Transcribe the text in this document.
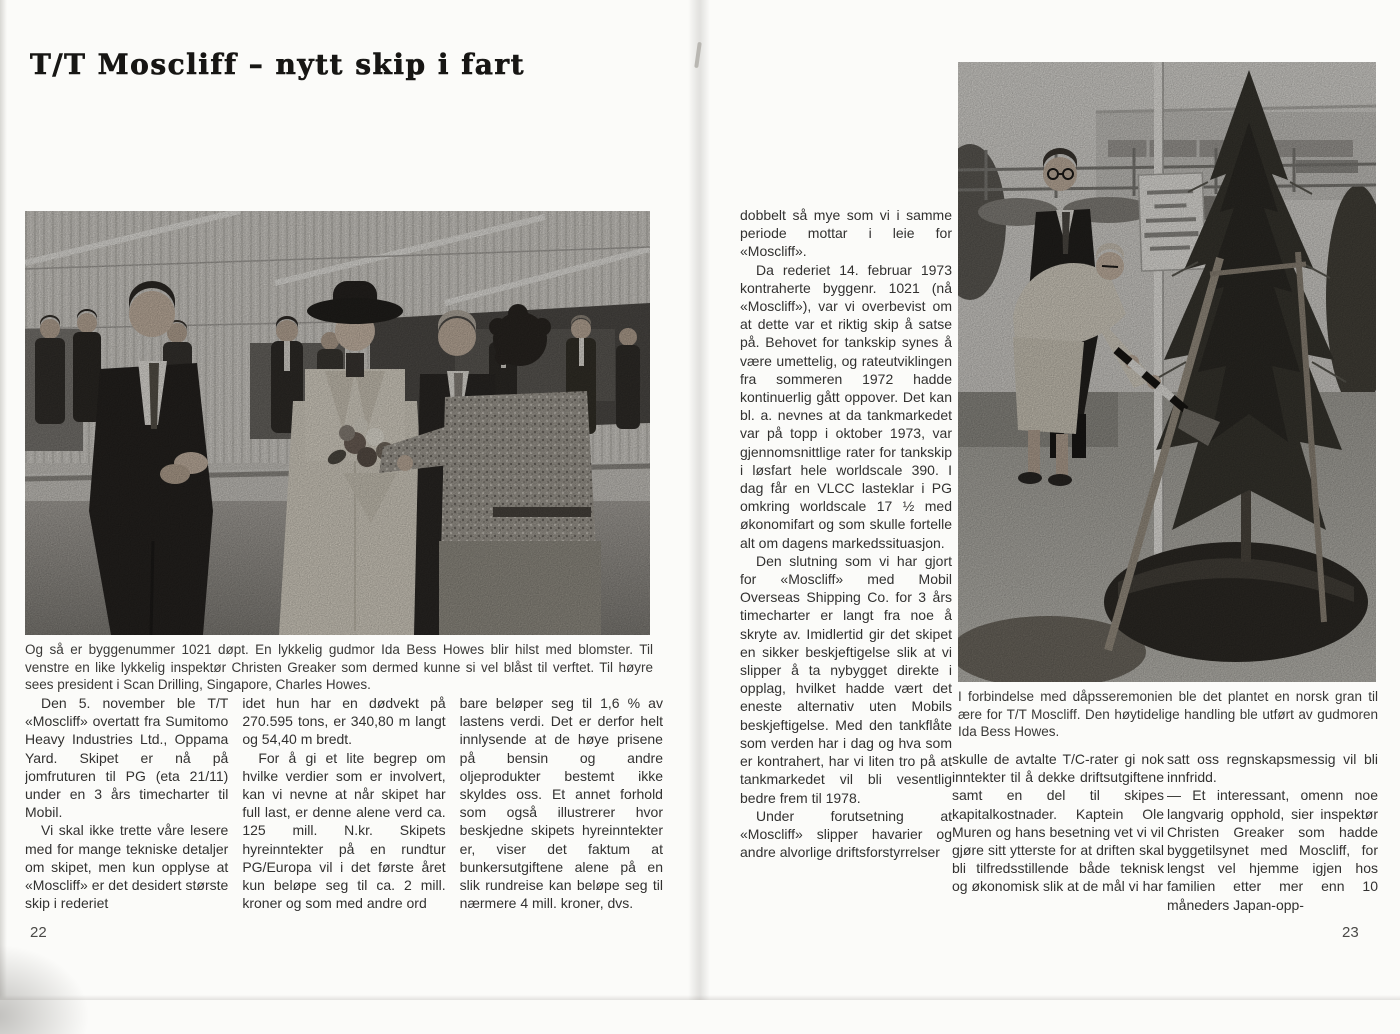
T/T Moscliff – nytt skip i fart

Og så er byggenummer 1021 døpt. En lykkelig gudmor Ida Bess Howes blir hilst med blomster. Til venstre en like lykkelig inspektør Christen Greaker som dermed kunne si vel blåst til verftet. Til høyre sees president i Scan Drilling, Singapore, Charles Howes.

Den 5. november ble T/T «Moscliff» overtatt fra Sumitomo Heavy Industries Ltd., Oppama Yard. Skipet er nå på jomfruturen til PG (eta 21/11) under en 3 års timecharter til Mobil.

Vi skal ikke trette våre lesere med for mange tekniske detaljer om skipet, men kun opplyse at «Moscliff» er det desidert største skip i rederiet

idet hun har en dødvekt på 270.595 tons, er 340,80 m langt og 54,40 m bredt.

For å gi et lite begrep om hvilke verdier som er involvert, kan vi nevne at når skipet har full last, er denne alene verd ca. 125 mill. N.kr. Skipets hyreinntekter på en rundtur PG/Europa vil i det første året kun beløpe seg til ca. 2 mill. kroner og som med andre ord

bare beløper seg til 1,6 % av lastens verdi. Det er derfor helt innlysende at de høye prisene på bensin og andre oljeprodukter bestemt ikke skyldes oss. Et annet forhold som også illustrerer hvor beskjedne skipets hyreinntekter er, viser det faktum at bunkersutgiftene alene på en slik rundreise kan beløpe seg til nærmere 4 mill. kroner, dvs.

22

dobbelt så mye som vi i samme periode mottar i leie for «Moscliff».

Da rederiet 14. februar 1973 kontraherte byggenr. 1021 (nå «Moscliff»), var vi overbevist om at dette var et riktig skip å satse på. Behovet for tankskip synes å være umettelig, og rateutviklingen fra sommeren 1972 hadde kontinuerlig gått oppover. Det kan bl. a. nevnes at da tankmarkedet var på topp i oktober 1973, var gjennomsnittlige rater for tankskip i løsfart hele worldscale 390. I dag får en VLCC lasteklar i PG omkring worldscale 17 ½ med økonomifart og som skulle fortelle alt om dagens markedssituasjon.

Den slutning som vi har gjort for «Moscliff» med Mobil Overseas Shipping Co. for 3 års timecharter er langt fra noe å skryte av. Imidlertid gir det skipet en sikker beskjeftigelse slik at vi slipper å ta nybygget direkte i opplag, hvilket hadde vært det eneste alternativ uten Mobils beskjeftigelse. Med den tankflåte som verden har i dag og hva som er kontrahert, har vi liten tro på at tankmarkedet vil bli vesentlig bedre frem til 1978.

Under forutsetning at «Moscliff» slipper havarier og andre alvorlige driftsforstyrrelser

I forbindelse med dåpsseremonien ble det plantet en norsk gran til ære for T/T Moscliff. Den høytidelige handling ble utført av gudmoren Ida Bess Howes.

skulle de avtalte T/C-rater gi nok inntekter til å dekke driftsutgiftene samt en del til skipes kapitalkostnader. Kaptein Ole Muren og hans besetning vet vi vil gjøre sitt ytterste for at driften skal bli tilfredsstillende både teknisk og økonomisk slik at de mål vi har

satt oss regnskapsmessig vil bli innfridd.

— Et interessant, omenn noe langvarig opphold, sier inspektør Christen Greaker som hadde byggetilsynet med Moscliff, for lengst vel hjemme igjen hos familien etter mer enn 10 måneders Japan-opp-

23
